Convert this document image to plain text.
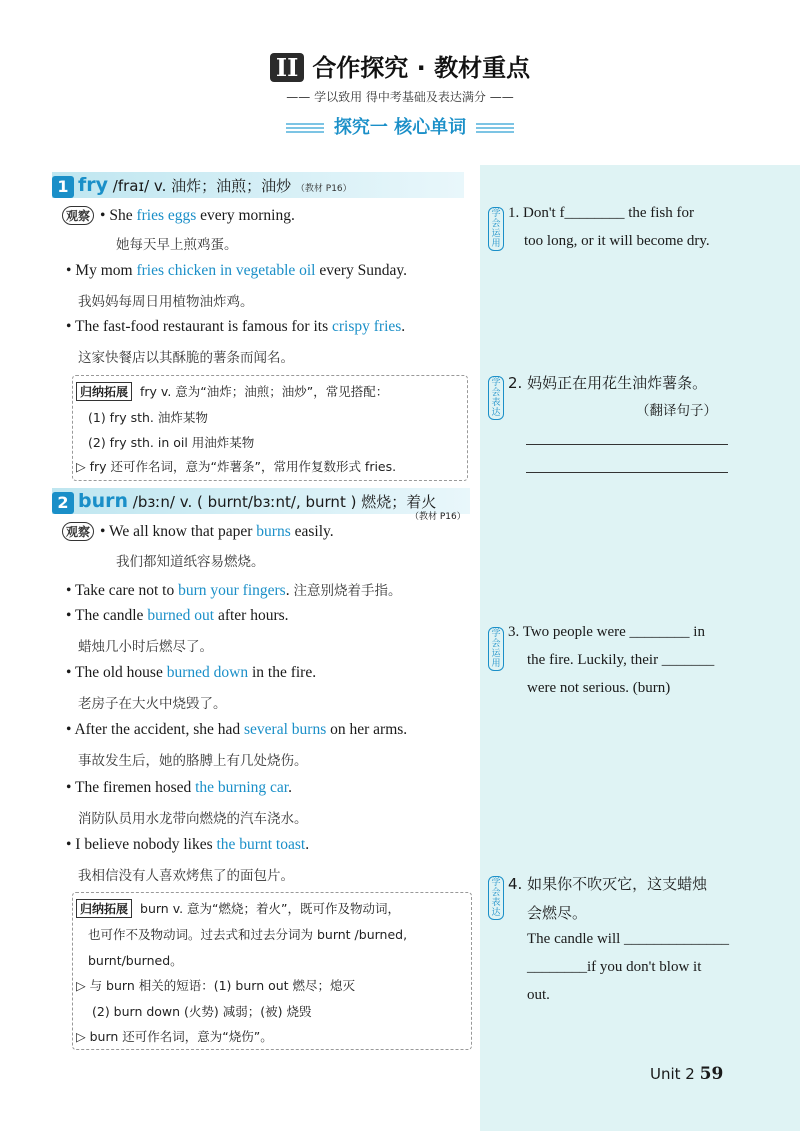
II 合作探究 · 教材重点
—— 学以致用 得中考基础及表达满分 ——
探究一 核心单词
1 fry /fraɪ/ v. 油炸；油煎；油炒 （教材 P16）
观察 • She fries eggs every morning.
她每天早上煎鸡蛋。
• My mom fries chicken in vegetable oil every Sunday.
我妈妈每周日用植物油炸鸡。
• The fast-food restaurant is famous for its crispy fries.
这家快餐店以其酥脆的薯条而闻名。
归纳拓展 fry v. 意为“油炸；油煎；油炒”，常见搭配：
(1) fry sth. 油炸某物
(2) fry sth. in oil 用油炸某物
▷ fry 还可作名词，意为“炸薯条”，常用作复数形式 fries.
2 burn /bɜːn/ v. ( burnt/bɜːnt/, burnt ) 燃烧；着火
（教材 P16）
观察 • We all know that paper burns easily.
我们都知道纸容易燃烧。
• Take care not to burn your fingers. 注意别烧着手指。
• The candle burned out after hours.
蜡烛几小时后燃尽了。
• The old house burned down in the fire.
老房子在大火中烧毁了。
• After the accident, she had several burns on her arms.
事故发生后，她的胳膊上有几处烧伤。
• The firemen hosed the burning car.
消防队员用水龙带向燃烧的汽车浇水。
• I believe nobody likes the burnt toast.
我相信没有人喜欢烤焦了的面包片。
归纳拓展 burn v. 意为“燃烧；着火”，既可作及物动词，
也可作不及物动词。过去式和过去分词为 burnt /burned,
burnt/burned。
▷ 与 burn 相关的短语：(1) burn out 燃尽；熄灭
(2) burn down (火势) 减弱；(被) 烧毁
▷ burn 还可作名词，意为“烧伤”。
学会运用
1. Don't f________ the fish for
too long, or it will become dry.
学会表达
2. 妈妈正在用花生油炸薯条。
（翻译句子）
学会运用
3. Two people were ________ in
the fire. Luckily, their _______
were not serious. (burn)
学会表达
4. 如果你不吹灭它，这支蜡烛
会燃尽。
The candle will ______________
________if you don't blow it
out.
Unit 2 59
